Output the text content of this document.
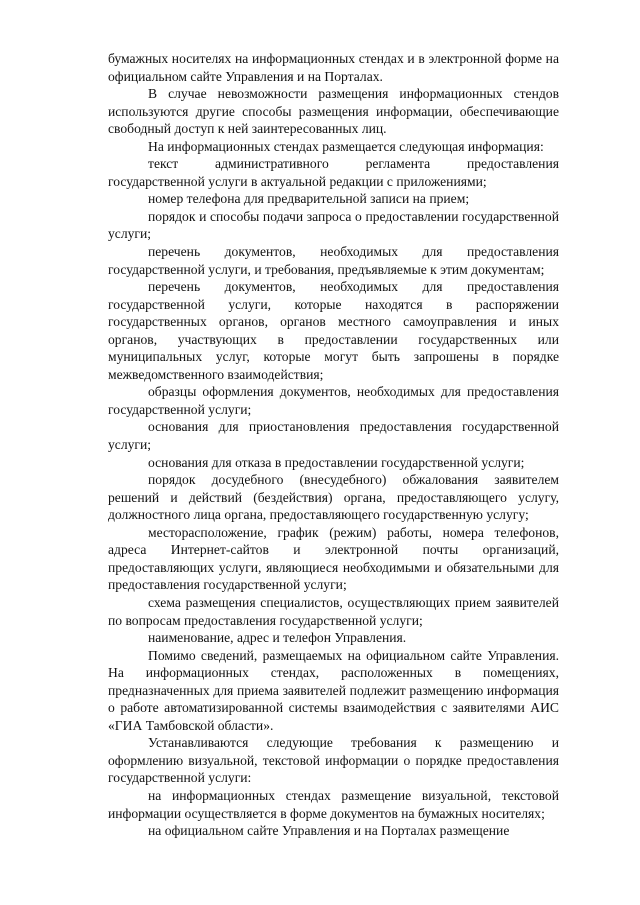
бумажных носителях на информационных стендах и в электронной форме на официальном сайте Управления и на Порталах.

В случае невозможности размещения информационных стендов используются другие способы размещения информации, обеспечивающие свободный доступ к ней заинтересованных лиц.

На информационных стендах размещается следующая информация:

текст административного регламента предоставления государственной услуги в актуальной редакции с приложениями;

номер телефона для предварительной записи на прием;

порядок и способы подачи запроса о предоставлении государственной услуги;

перечень документов, необходимых для предоставления государственной услуги, и требования, предъявляемые к этим документам;

перечень документов, необходимых для предоставления государственной услуги, которые находятся в распоряжении государственных органов, органов местного самоуправления и иных органов, участвующих в предоставлении государственных или муниципальных услуг, которые могут быть запрошены в порядке межведомственного взаимодействия;

образцы оформления документов, необходимых для предоставления государственной услуги;

основания для приостановления предоставления государственной услуги;

основания для отказа в предоставлении государственной услуги;

порядок досудебного (внесудебного) обжалования заявителем решений и действий (бездействия) органа, предоставляющего услугу, должностного лица органа, предоставляющего государственную услугу;

месторасположение, график (режим) работы, номера телефонов, адреса Интернет-сайтов и электронной почты организаций, предоставляющих услуги, являющиеся необходимыми и обязательными для предоставления государственной услуги;

схема размещения специалистов, осуществляющих прием заявителей по вопросам предоставления государственной услуги;

наименование, адрес и телефон Управления.

Помимо сведений, размещаемых на официальном сайте Управления. На информационных стендах, расположенных в помещениях, предназначенных для приема заявителей подлежит размещению информация о работе автоматизированной системы взаимодействия с заявителями АИС «ГИА Тамбовской области».

Устанавливаются следующие требования к размещению и оформлению визуальной, текстовой информации о порядке предоставления государственной услуги:

на информационных стендах размещение визуальной, текстовой информации осуществляется в форме документов на бумажных носителях;

на официальном сайте Управления и на Порталах размещение
